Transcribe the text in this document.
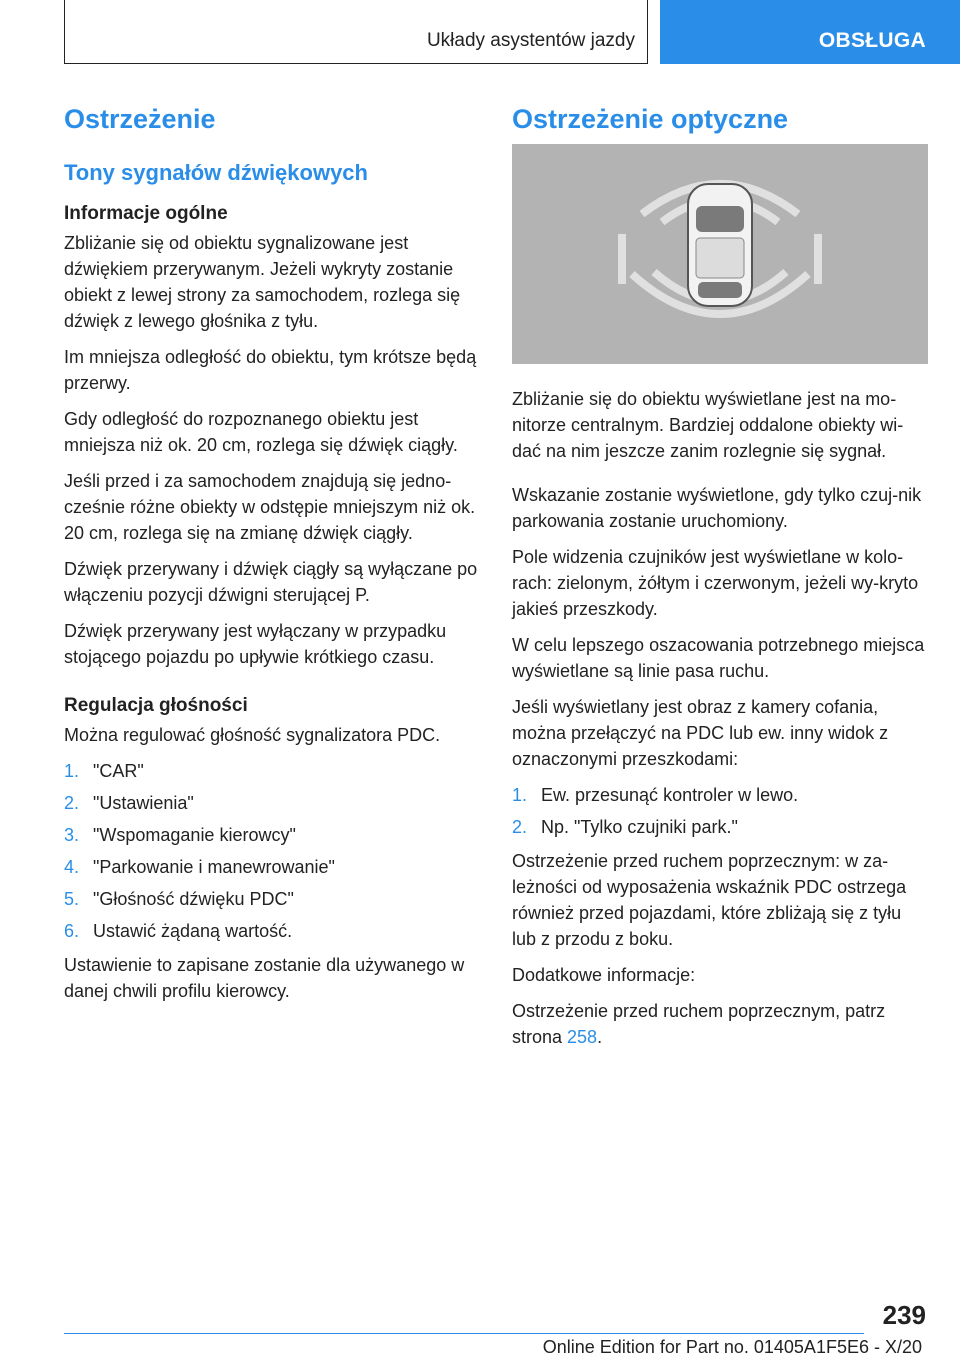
Układy asystentów jazdy	OBSŁUGA
Ostrzeżenie
Tony sygnałów dźwiękowych
Informacje ogólne

Zbliżanie się od obiektu sygnalizowane jest dźwiękiem przerywanym. Jeżeli wykryty zostanie obiekt z lewej strony za samochodem, rozlega się dźwięk z lewego głośnika z tyłu.

Im mniejsza odległość do obiektu, tym krótsze będą przerwy.

Gdy odległość do rozpoznanego obiektu jest mniejsza niż ok. 20 cm, rozlega się dźwięk ciągły.

Jeśli przed i za samochodem znajdują się jedno-cześnie różne obiekty w odstępie mniejszym niż ok. 20 cm, rozlega się na zmianę dźwięk ciągły.

Dźwięk przerywany i dźwięk ciągły są wyłączane po włączeniu pozycji dźwigni sterującej P.

Dźwięk przerywany jest wyłączany w przypadku stojącego pojazdu po upływie krótkiego czasu.

Regulacja głośności

Można regulować głośność sygnalizatora PDC.

1. "CAR"
2. "Ustawienia"
3. "Wspomaganie kierowcy"
4. "Parkowanie i manewrowanie"
5. "Głośność dźwięku PDC"
6. Ustawić żądaną wartość.

Ustawienie to zapisane zostanie dla używanego w danej chwili profilu kierowcy.

Ostrzeżenie optyczne

Zbliżanie się do obiektu wyświetlane jest na mo-nitorze centralnym. Bardziej oddalone obiekty wi-dać na nim jeszcze zanim rozlegnie się sygnał.

Wskazanie zostanie wyświetlone, gdy tylko czuj-nik parkowania zostanie uruchomiony.

Pole widzenia czujników jest wyświetlane w kolo-rach: zielonym, żółtym i czerwonym, jeżeli wy-kryto jakieś przeszkody.

W celu lepszego oszacowania potrzebnego miejsca wyświetlane są linie pasa ruchu.

Jeśli wyświetlany jest obraz z kamery cofania, można przełączyć na PDC lub ew. inny widok z oznaczonymi przeszkodami:

1. Ew. przesunąć kontroler w lewo.
2. Np. "Tylko czujniki park."

Ostrzeżenie przed ruchem poprzecznym: w za-leżności od wyposażenia wskaźnik PDC ostrzega również przed pojazdami, które zbliżają się z tyłu lub z przodu z boku.

Dodatkowe informacje:

Ostrzeżenie przed ruchem poprzecznym, patrz strona 258.

239
Online Edition for Part no. 01405A1F5E6 - X/20
